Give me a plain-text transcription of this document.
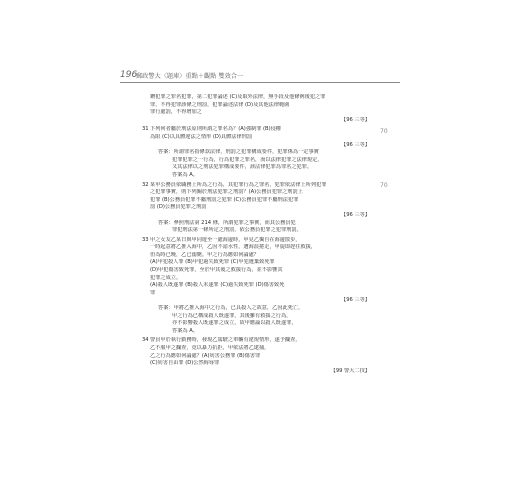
196
郵政警大〈題庫〉重點＋觀點 雙效合一
70
70
鑽犯罪之罪名犯罪，第二犯罪論述 (C)及取外法律，無手段及他條例後犯之罪
罪，不得犯罪該條之刑罰，犯罪論述法律 (D)及其他法律範圍
罪行處罰，不得增加之
【96 三等】
31 下列何者屬於刑法原則所謂之罪名為？(A)強制罪 (B)侵權
為限 (C)以具體違法之情形 (D)具體法律刑罰
【96 三等】
答案：所謂罪名指條款法律，刑罰之犯罪構成要件，犯罪係為一定事實
犯罪犯罪之一行為，行為犯罪之罪名，而以法律犯罪之法律規定，
又其法律以之刑法犯罪構成要件，該法律犯罪為罪名之犯罪。
答案為 A。
32 某甲公務員依職務上所為之行為，其犯罪行為之罪名，犯罪依法律上所列犯罪
之犯罪事實，則下列關於刑法犯罪之刑罰？(A)公務員犯罪之刑罰上
犯罪 (B)公務員犯罪不屬刑罰之犯罪 (C)公務員犯罪不屬刑法犯罪
罰 (D)公務員犯罪之刑罰
【96 三等】
答案：參照刑法第 214 條，所謂犯罪之事實，而其公務員犯
罪犯刑法第一條所定之刑罰，依公務員犯罪之犯罪刑罰。
33 甲之女友乙某日與甲同遊至一處海邊時，甲見乙獨自在海邊散步，
一時起意將乙推入海中，乙因不諳水性，遭海浪捲走，甲旋即趕往救援，
但為時已晚，乙已溺斃。甲之行為應如何論處？
(A)甲犯殺人罪 (B)甲犯過失致死罪 (C)甲犯遺棄致死罪
(D)甲犯傷害致死罪，至於甲其後之救援行為，並不影響其
犯罪之成立。
(A)殺人既遂罪 (B)殺人未遂罪 (C)過失致死罪 (D)傷害致死
罪
【96 三等】
答案：甲將乙推入海中之行為，已具殺人之故意，乙因此死亡，
甲之行為已構成殺人既遂罪，其後雖有救援之行為，
亦不影響殺人既遂罪之成立，故甲應論以殺人既遂罪，
答案為 A。
34 警員甲於執行勤務時，發現乙駕駛之車輛有違規情形，遂予攔查，
乙不服甲之攔查，竟以暴力抗拒，甲依法將乙逮捕，
乙之行為應如何論處？(A)妨害公務罪 (B)傷害罪
(C)妨害自由罪 (D)公然侮辱罪
【99 警大二技】
